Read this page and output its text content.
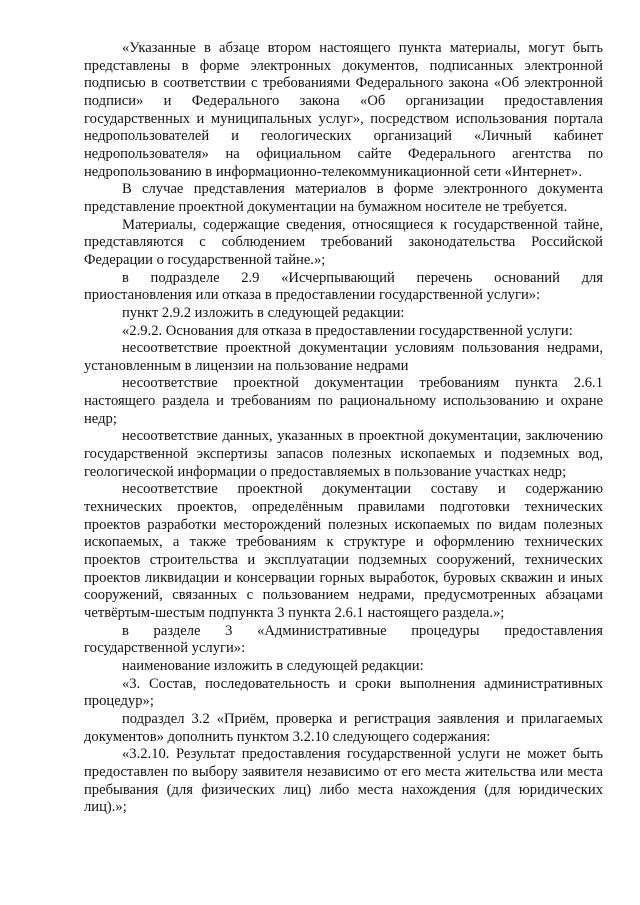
«Указанные в абзаце втором настоящего пункта материалы, могут быть представлены в форме электронных документов, подписанных электронной подписью в соответствии с требованиями Федерального закона «Об электронной подписи» и Федерального закона «Об организации предоставления государственных и муниципальных услуг», посредством использования портала недропользователей и геологических организаций «Личный кабинет недропользователя» на официальном сайте Федерального агентства по недропользованию в информационно-телекоммуникационной сети «Интернет».

В случае представления материалов в форме электронного документа представление проектной документации на бумажном носителе не требуется.

Материалы, содержащие сведения, относящиеся к государственной тайне, представляются с соблюдением требований законодательства Российской Федерации о государственной тайне.»;

в подразделе 2.9 «Исчерпывающий перечень оснований для приостановления или отказа в предоставлении государственной услуги»:

пункт 2.9.2 изложить в следующей редакции:

«2.9.2. Основания для отказа в предоставлении государственной услуги:

несоответствие проектной документации условиям пользования недрами, установленным в лицензии на пользование недрами

несоответствие проектной документации требованиям пункта 2.6.1 настоящего раздела и требованиям по рациональному использованию и охране недр;

несоответствие данных, указанных в проектной документации, заключению государственной экспертизы запасов полезных ископаемых и подземных вод, геологической информации о предоставляемых в пользование участках недр;

несоответствие проектной документации составу и содержанию технических проектов, определённым правилами подготовки технических проектов разработки месторождений полезных ископаемых по видам полезных ископаемых, а также требованиям к структуре и оформлению технических проектов строительства и эксплуатации подземных сооружений, технических проектов ликвидации и консервации горных выработок, буровых скважин и иных сооружений, связанных с пользованием недрами, предусмотренных абзацами четвёртым-шестым подпункта 3 пункта 2.6.1 настоящего раздела.»;

в разделе 3 «Административные процедуры предоставления государственной услуги»:

наименование изложить в следующей редакции:

«3. Состав, последовательность и сроки выполнения административных процедур»;

подраздел 3.2 «Приём, проверка и регистрация заявления и прилагаемых документов» дополнить пунктом 3.2.10 следующего содержания:

«3.2.10. Результат предоставления государственной услуги не может быть предоставлен по выбору заявителя независимо от его места жительства или места пребывания (для физических лиц) либо места нахождения (для юридических лиц).»;
